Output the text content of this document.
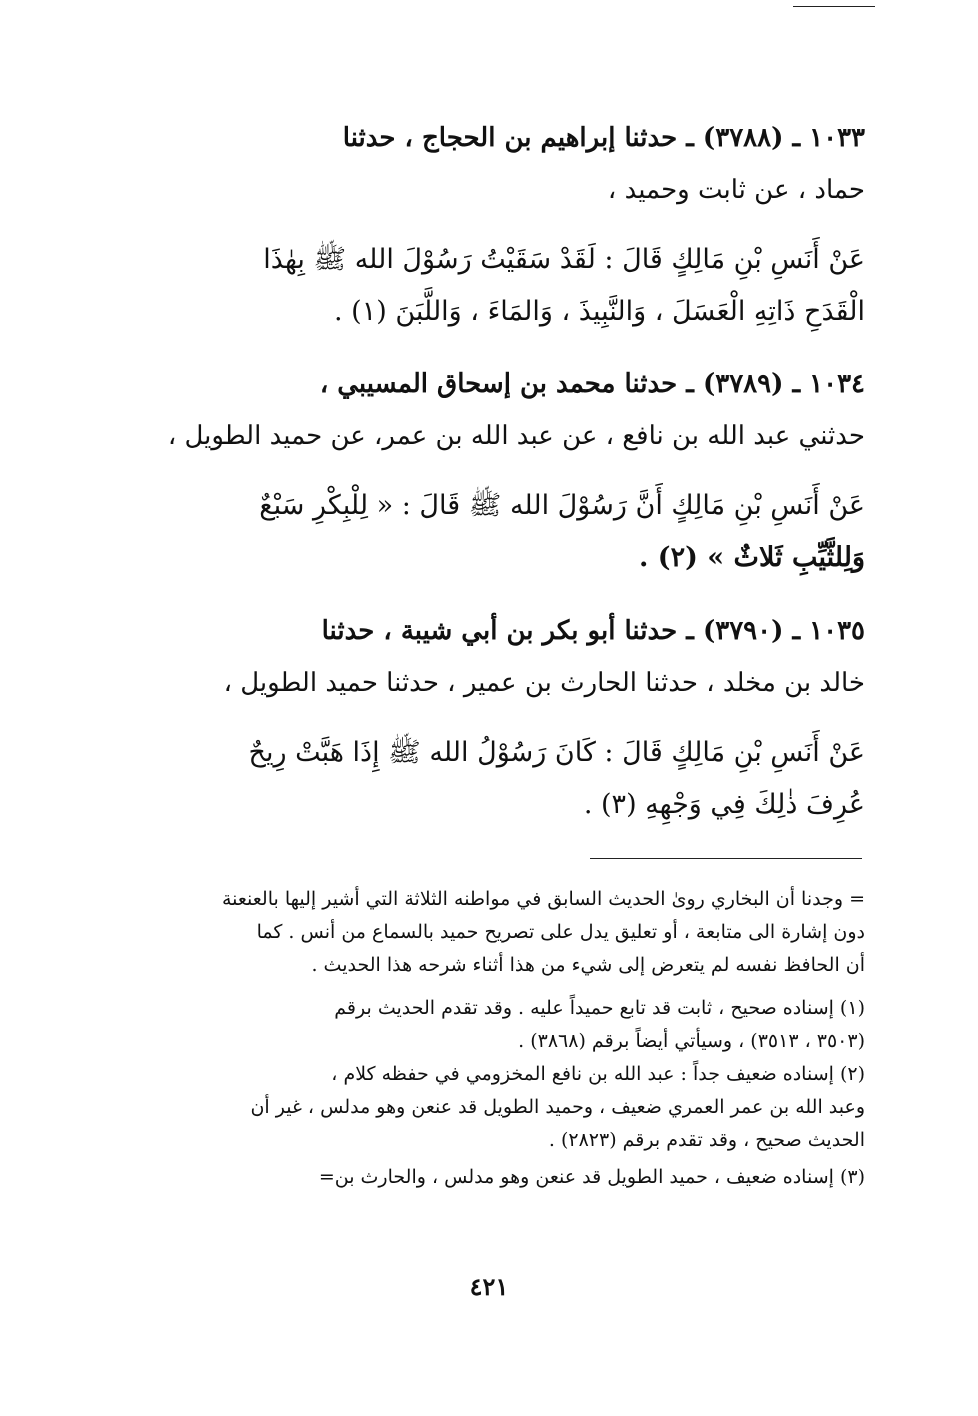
١٠٣٣ ـ (٣٧٨٨) ـ حدثنا إبراهيم بن الحجاج ، حدثنا
حماد ، عن ثابت وحميد ،
عَنْ أَنَسِ بْنِ مَالِكٍ قَالَ : لَقَدْ سَقَيْتُ رَسُوْلَ الله ﷺ بِهٰذَا
الْقَدَحِ ذَاتِهِ الْعَسَلَ ، وَالنَّبِيذَ ، وَالمَاءَ ، وَاللَّبَنَ (١) .
١٠٣٤ ـ (٣٧٨٩) ـ حدثنا محمد بن إسحاق المسيبي ،
حدثني عبد الله بن نافع ، عن عبد الله بن عمر، عن حميد الطويل ،
عَنْ أَنَسِ بْنِ مَالِكٍ أَنَّ رَسُوْلَ الله ﷺ قَالَ : « لِلْبِكْرِ سَبْعٌ
وَلِلثَّيِّبِ ثَلاثٌ » (٢) .
١٠٣٥ ـ (٣٧٩٠) ـ حدثنا أبو بكر بن أبي شيبة ، حدثنا
خالد بن مخلد ، حدثنا الحارث بن عمير ، حدثنا حميد الطويل ،
عَنْ أَنَسِ بْنِ مَالِكٍ قَالَ : كَانَ رَسُوْلُ الله ﷺ إِذَا هَبَّتْ رِيحٌ
عُرِفَ ذٰلِكَ فِي وَجْهِهِ (٣) .
= وجدنا أن البخاري روىٰ الحديث السابق في مواطنه الثلاثة التي أشير إليها بالعنعنة
دون إشارة الى متابعة ، أو تعليق يدل على تصريح حميد بالسماع من أنس . كما
أن الحافظ نفسه لم يتعرض إلى شيء من هذا أثناء شرحه هذا الحديث .
(١) إسناده صحيح ، ثابت قد تابع حميداً عليه . وقد تقدم الحديث برقم
(٣٥٠٣ ، ٣٥١٣) ، وسيأتي أيضاً برقم (٣٨٦٨) .
(٢) إسناده ضعيف جداً : عبد الله بن نافع المخزومي في حفظه كلام ،
وعبد الله بن عمر العمري ضعيف ، وحميد الطويل قد عنعن وهو مدلس ، غير أن
الحديث صحيح ، وقد تقدم برقم (٢٨٢٣) .
(٣) إسناده ضعيف ، حميد الطويل قد عنعن وهو مدلس ، والحارث بن=
٤٢١
